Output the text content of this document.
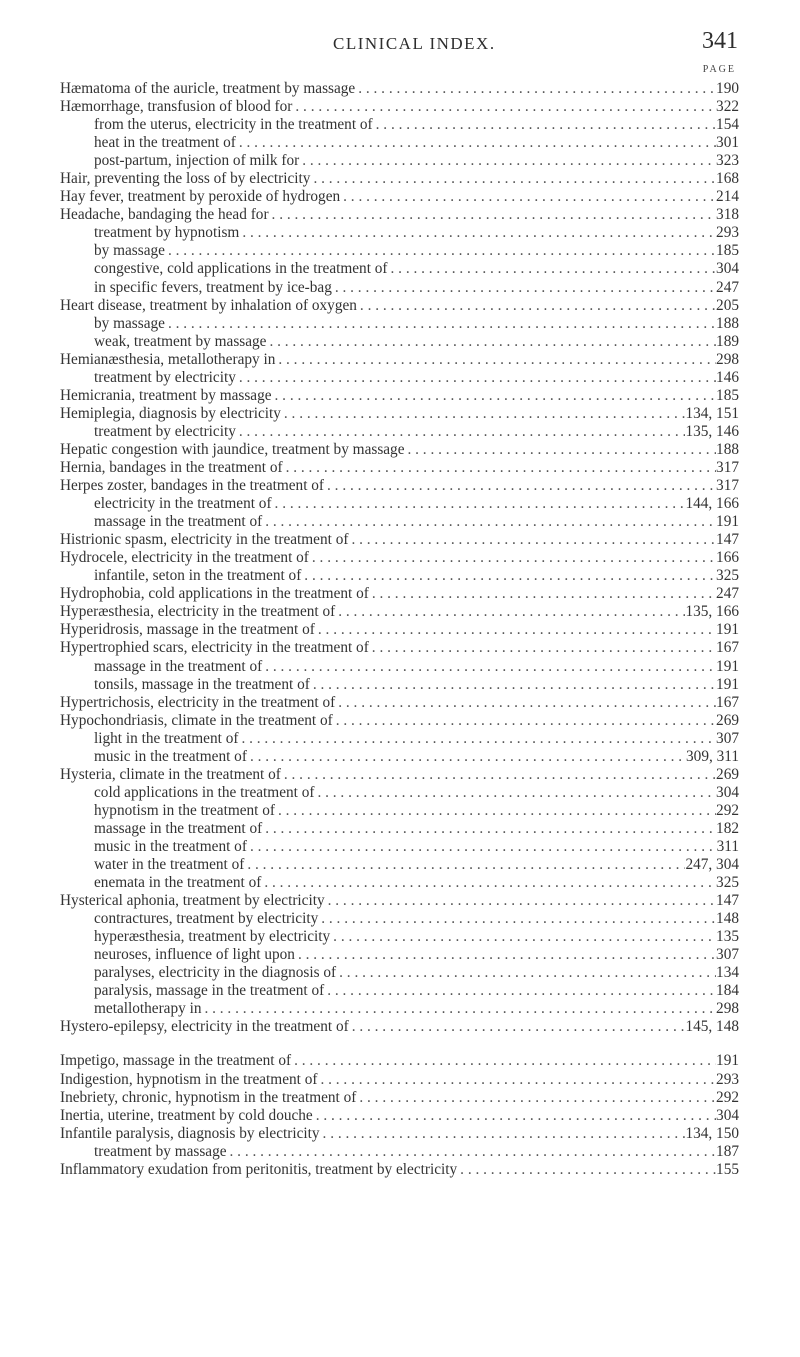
CLINICAL INDEX.	341
PAGE
Hæmatoma of the auricle, treatment by massage . . .	190
Hæmorrhage, transfusion of blood for . . .	322
from the uterus, electricity in the treatment of . . .	154
heat in the treatment of . . .	301
post-partum, injection of milk for . . .	323
Hair, preventing the loss of by electricity . . .	168
Hay fever, treatment by peroxide of hydrogen . . .	214
Headache, bandaging the head for . . .	318
treatment by hypnotism . . .	293
by massage . . .	185
congestive, cold applications in the treatment of . . .	304
in specific fevers, treatment by ice-bag . . .	247
Heart disease, treatment by inhalation of oxygen . . .	205
by massage . . .	188
weak, treatment by massage . . .	189
Hemianæsthesia, metallotherapy in . . .	298
treatment by electricity . . .	146
Hemicrania, treatment by massage . . .	185
Hemiplegia, diagnosis by electricity . . .	134, 151
treatment by electricity . . .	135, 146
Hepatic congestion with jaundice, treatment by massage . . .	188
Hernia, bandages in the treatment of . . .	317
Herpes zoster, bandages in the treatment of . . .	317
electricity in the treatment of . . .	144, 166
massage in the treatment of . . .	191
Histrionic spasm, electricity in the treatment of . . .	147
Hydrocele, electricity in the treatment of . . .	166
infantile, seton in the treatment of . . .	325
Hydrophobia, cold applications in the treatment of . . .	247
Hyperæsthesia, electricity in the treatment of . . .	135, 166
Hyperidrosis, massage in the treatment of . . .	191
Hypertrophied scars, electricity in the treatment of . . .	167
massage in the treatment of . . .	191
tonsils, massage in the treatment of . . .	191
Hypertrichosis, electricity in the treatment of . . .	167
Hypochondriasis, climate in the treatment of . . .	269
light in the treatment of . . .	307
music in the treatment of . . .	309, 311
Hysteria, climate in the treatment of . . .	269
cold applications in the treatment of . . .	304
hypnotism in the treatment of . . .	292
massage in the treatment of . . .	182
music in the treatment of . . .	311
water in the treatment of . . .	247, 304
enemata in the treatment of . . .	325
Hysterical aphonia, treatment by electricity . . .	147
contractures, treatment by electricity . . .	148
hyperæsthesia, treatment by electricity . . .	135
neuroses, influence of light upon . . .	307
paralyses, electricity in the diagnosis of . . .	134
paralysis, massage in the treatment of . . .	184
metallotherapy in . . .	298
Hystero-epilepsy, electricity in the treatment of . . .	145, 148
Impetigo, massage in the treatment of . . .	191
Indigestion, hypnotism in the treatment of . . .	293
Inebriety, chronic, hypnotism in the treatment of . . .	292
Inertia, uterine, treatment by cold douche . . .	304
Infantile paralysis, diagnosis by electricity . . .	134, 150
treatment by massage . . .	187
Inflammatory exudation from peritonitis, treatment by electricity . . .	155
